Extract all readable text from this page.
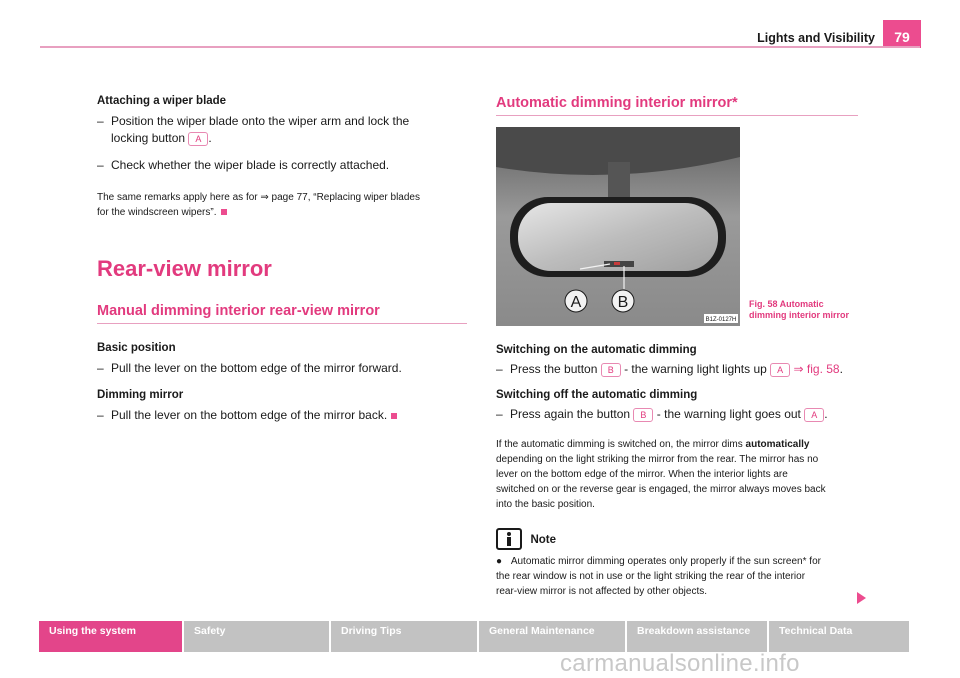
Lights and Visibility	79
Attaching a wiper blade
– Position the wiper blade onto the wiper arm and lock the
locking button A .
– Check whether the wiper blade is correctly attached.
The same remarks apply here as for ⇒ page 77, “Replacing wiper blades
for the windscreen wipers”.
Rear-view mirror
Manual dimming interior rear-view mirror
Basic position
– Pull the lever on the bottom edge of the mirror forward.
Dimming mirror
– Pull the lever on the bottom edge of the mirror back.
Automatic dimming interior mirror*
A B
B1Z-0127H
Fig. 58 Automatic
dimming interior mirror
Switching on the automatic dimming
– Press the button B - the warning light lights up A ⇒ fig. 58.
Switching off the automatic dimming
– Press again the button B - the warning light goes out A .
If the automatic dimming is switched on, the mirror dims automatically
depending on the light striking the mirror from the rear. The mirror has no
lever on the bottom edge of the mirror. When the interior lights are
switched on or the reverse gear is engaged, the mirror always moves back
into the basic position.
Note
● Automatic mirror dimming operates only properly if the sun screen* for
the rear window is not in use or the light striking the rear of the interior
rear-view mirror is not affected by other objects.
Using the system	Safety	Driving Tips	General Maintenance	Breakdown assistance	Technical Data
carmanualsonline.info
